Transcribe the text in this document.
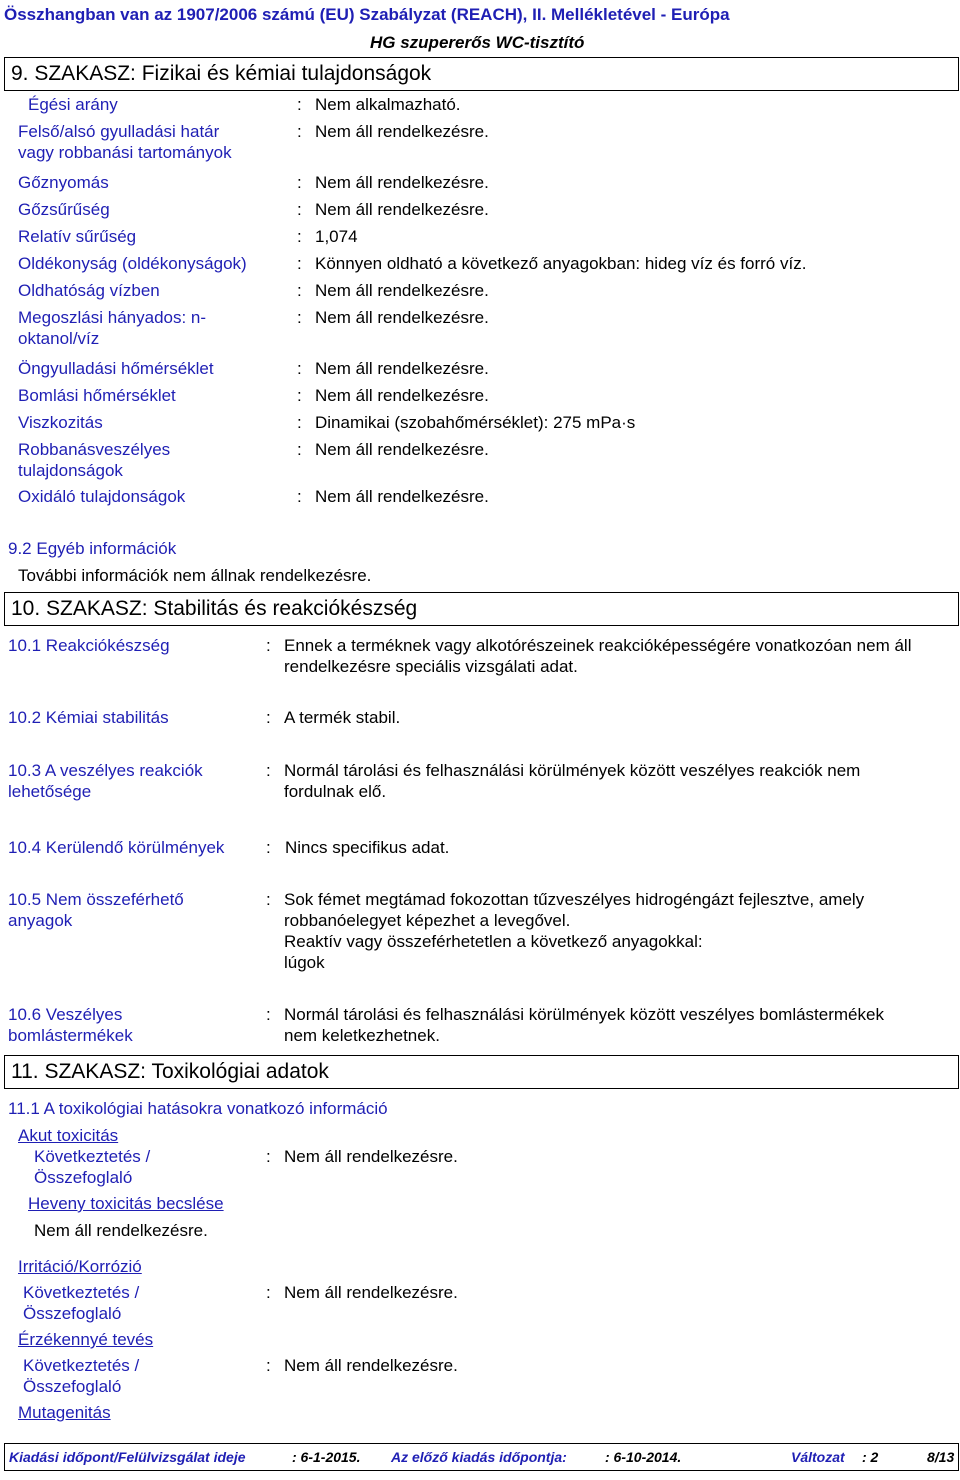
Összhangban van az 1907/2006 számú (EU) Szabályzat (REACH), II. Mellékletével - Európa
HG szupererős WC-tisztító
9. SZAKASZ: Fizikai és kémiai tulajdonságok
Égési arány	: Nem alkalmazható.
Felső/alsó gyulladási határ
vagy robbanási tartományok
: Nem áll rendelkezésre.
Gőznyomás	: Nem áll rendelkezésre.
Gőzsűrűség	: Nem áll rendelkezésre.
Relatív sűrűség	: 1,074
Oldékonyság (oldékonyságok)	: Könnyen oldható a következő anyagokban: hideg víz és forró víz.
Oldhatóság vízben	: Nem áll rendelkezésre.
Megoszlási hányados: n-
oktanol/víz
: Nem áll rendelkezésre.
Öngyulladási hőmérséklet	: Nem áll rendelkezésre.
Bomlási hőmérséklet	: Nem áll rendelkezésre.
Viszkozitás	: Dinamikai (szobahőmérséklet): 275 mPa·s
Robbanásveszélyes
tulajdonságok
: Nem áll rendelkezésre.
Oxidáló tulajdonságok	: Nem áll rendelkezésre.
9.2 Egyéb információk
További információk nem állnak rendelkezésre.
10. SZAKASZ: Stabilitás és reakciókészség
10.1 Reakciókészség	: Ennek a terméknek vagy alkotórészeinek reakcióképességére vonatkozóan nem áll
rendelkezésre speciális vizsgálati adat.
10.2 Kémiai stabilitás	: A termék stabil.
10.3 A veszélyes reakciók
lehetősége
: Normál tárolási és felhasználási körülmények között veszélyes reakciók nem
fordulnak elő.
10.4 Kerülendő körülmények : Nincs specifikus adat.
10.5 Nem összeférhető
anyagok
: Sok fémet megtámad fokozottan tűzveszélyes hidrogéngázt fejlesztve, amely
robbanóelegyet képezhet a levegővel.
Reaktív vagy összeférhetetlen a következő anyagokkal:
lúgok
10.6 Veszélyes
bomlástermékek
: Normál tárolási és felhasználási körülmények között veszélyes bomlástermékek
nem keletkezhetnek.
11. SZAKASZ: Toxikológiai adatok
11.1 A toxikológiai hatásokra vonatkozó információ
Akut toxicitás
Következtetés /
Összefoglaló
: Nem áll rendelkezésre.
Heveny toxicitás becslése
Nem áll rendelkezésre.
Irritáció/Korrózió
Következtetés /
Összefoglaló
: Nem áll rendelkezésre.
Érzékennyé tevés
Következtetés /
Összefoglaló
: Nem áll rendelkezésre.
Mutagenitás
Kiadási időpont/Felülvizsgálat ideje	: 6-1-2015. Az előző kiadás időpontja:	: 6-10-2014.	Változat : 2	8/13
